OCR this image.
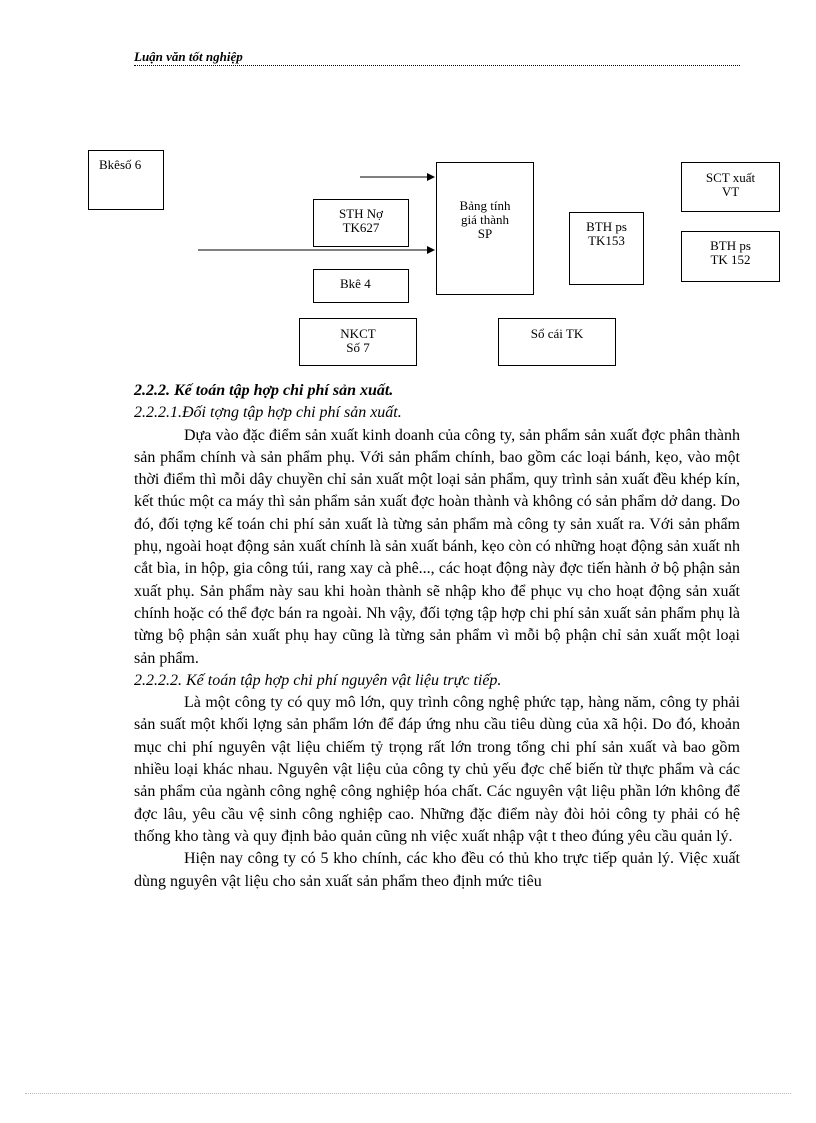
Luận văn tốt nghiệp
Bkêsố 6
STH Nợ
TK627
Bảng tính
giá thành
SP	BTH ps
TK153
SCT xuất
VT
BTH ps
TK 152
Bkê 4
NKCT
Số 7
Sổ cái TK

2.2.2. Kế toán tập hợp chi phí sản xuất.

2.2.2.1.Đối tợng tập hợp chi phí sản xuất.

Dựa vào đặc điểm sản xuất kinh doanh của công ty, sản phẩm sản xuất đợc phân thành sản phẩm chính và sản phẩm phụ. Với sản phẩm chính, bao gồm các loại bánh, kẹo, vào một thời điểm thì mỗi dây chuyền chỉ sản xuất một loại sản phẩm, quy trình sản xuất đều khép kín, kết thúc một ca máy thì sản phẩm sản xuất đợc hoàn thành và không có sản phẩm dở dang. Do đó, đối tợng kế toán chi phí sản xuất là từng sản phẩm mà công ty sản xuất ra. Với sản phẩm phụ, ngoài hoạt động sản xuất chính là sản xuất bánh, kẹo còn có những hoạt động sản xuất nh cắt bìa, in hộp, gia công túi, rang xay cà phê..., các hoạt động này đợc tiến hành ở bộ phận sản xuất phụ. Sản phẩm này sau khi hoàn thành sẽ nhập kho để phục vụ cho hoạt động sản xuất chính hoặc có thể đợc bán ra ngoài. Nh vậy, đối tợng tập hợp chi phí sản xuất sản phẩm phụ là từng bộ phận sản xuất phụ hay cũng là từng sản phẩm vì mỗi bộ phận chỉ sản xuất một loại sản phẩm.

2.2.2.2. Kế toán tập hợp chi phí nguyên vật liệu trực tiếp.

Là một công ty có quy mô lớn, quy trình công nghệ phức tạp, hàng năm, công ty phải sản suất một khối lợng sản phẩm lớn để đáp ứng nhu cầu tiêu dùng của xã hội. Do đó, khoản mục chi phí nguyên vật liệu chiếm tỷ trọng rất lớn trong tổng chi phí sản xuất và bao gồm nhiều loại khác nhau. Nguyên vật liệu của công ty chủ yếu đợc chế biến từ thực phẩm và các sản phẩm của ngành công nghệ công nghiệp hóa chất. Các nguyên vật liệu phần lớn không để đợc lâu, yêu cầu vệ sinh công nghiệp cao. Những đặc điểm này đòi hỏi công ty phải có hệ thống kho tàng và quy định bảo quản cũng nh việc xuất nhập vật t theo đúng yêu cầu quản lý.

Hiện nay công ty có 5 kho chính, các kho đều có thủ kho trực tiếp quản lý. Việc xuất dùng nguyên vật liệu cho sản xuất sản phẩm theo định mức tiêu
